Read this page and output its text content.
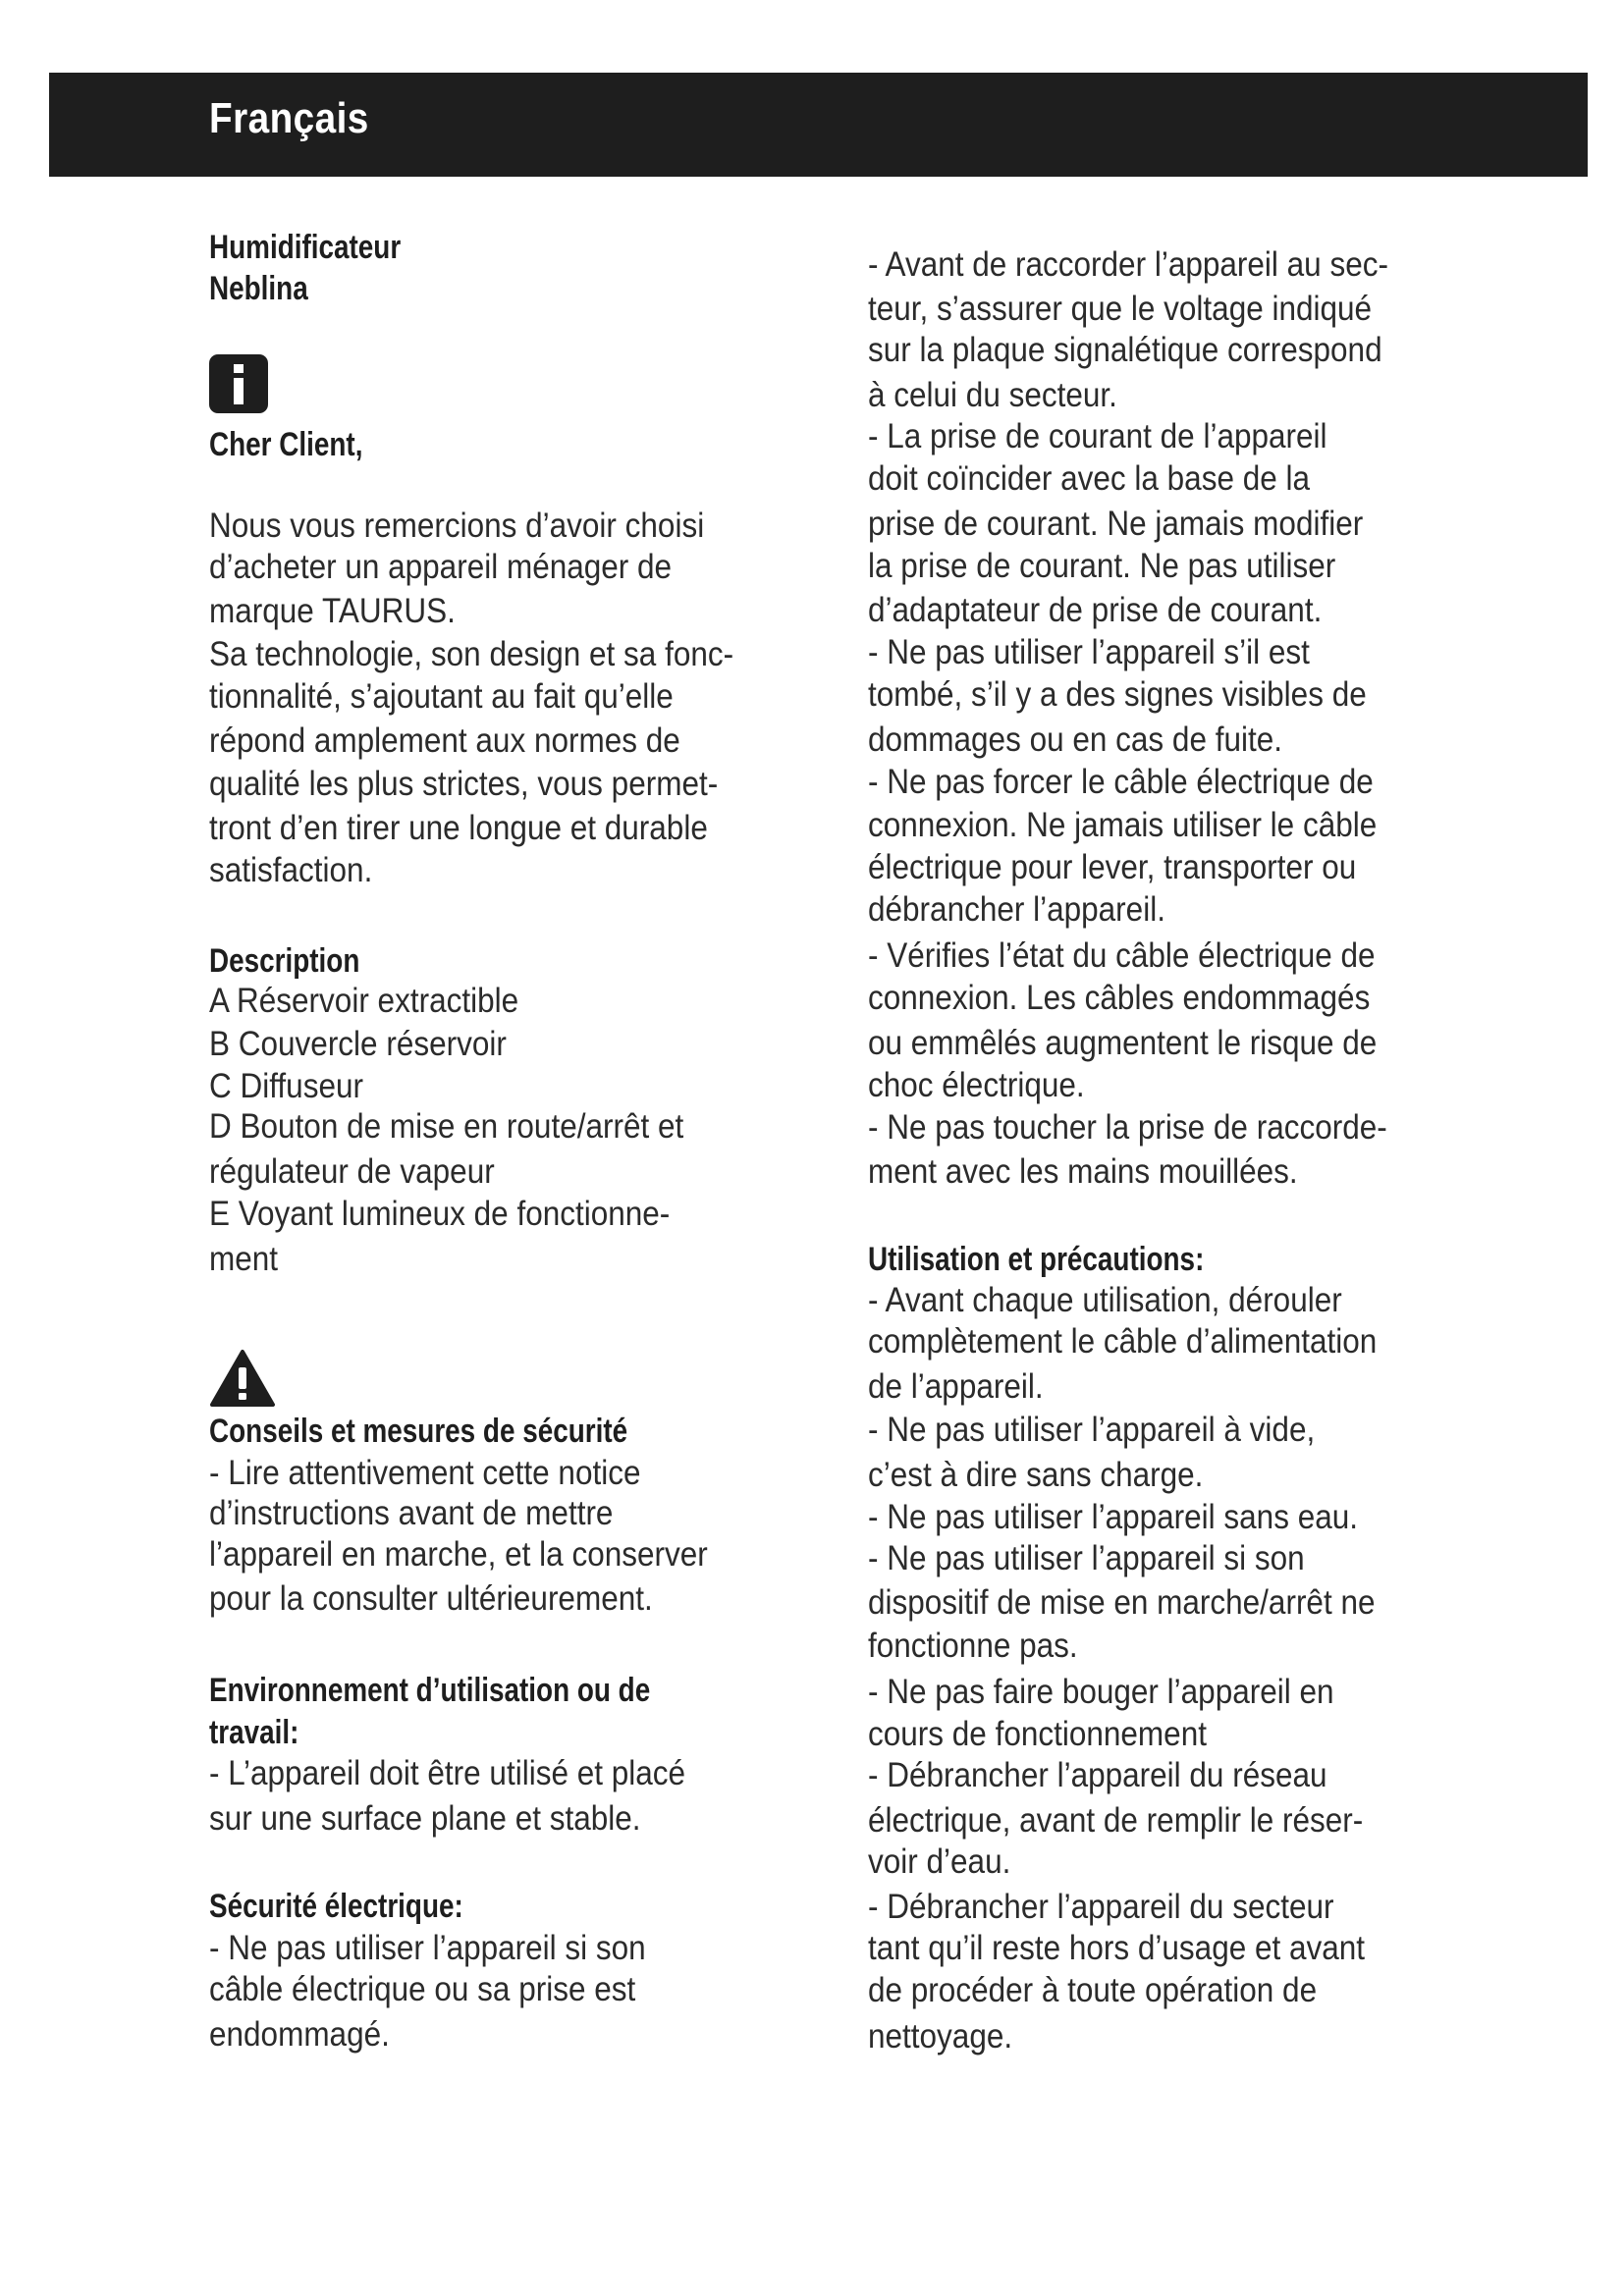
Français

Humidificateur

Neblina

Cher Client,

Nous vous remercions d’avoir choisi

d’acheter un appareil ménager de

marque TAURUS.

Sa technologie, son design et sa fonc-

tionnalité, s’ajoutant au fait qu’elle

répond amplement aux normes de

qualité les plus strictes, vous permet-

tront d’en tirer une longue et durable

satisfaction.

Description

A Réservoir extractible

B Couvercle réservoir

C Diffuseur

D Bouton de mise en route/arrêt et

régulateur de vapeur

E Voyant lumineux de fonctionne-

ment

Conseils et mesures de sécurité

- Lire attentivement cette notice

d’instructions avant de mettre

l’appareil en marche, et la conserver

pour la consulter ultérieurement.

Environnement d’utilisation ou de

travail:

- L’appareil doit être utilisé et placé

sur une surface plane et stable.

Sécurité électrique:

- Ne pas utiliser l’appareil si son

câble électrique ou sa prise est

endommagé.

- Avant de raccorder l’appareil au sec-

teur, s’assurer que le voltage indiqué

sur la plaque signalétique correspond

à celui du secteur.

- La prise de courant de l’appareil

doit coïncider avec la base de la

prise de courant. Ne jamais modifier

la prise de courant. Ne pas utiliser

d’adaptateur de prise de courant.

- Ne pas utiliser l’appareil s’il est

tombé, s’il y a des signes visibles de

dommages ou en cas de fuite.

- Ne pas forcer le câble électrique de

connexion. Ne jamais utiliser le câble

électrique pour lever, transporter ou

débrancher l’appareil.

- Vérifies l’état du câble électrique de

connexion. Les câbles endommagés

ou emmêlés augmentent le risque de

choc électrique.

- Ne pas toucher la prise de raccorde-

ment avec les mains mouillées.

Utilisation et précautions:

- Avant chaque utilisation, dérouler

complètement le câble d’alimentation

de l’appareil.

- Ne pas utiliser l’appareil à vide,

c’est à dire sans charge.

- Ne pas utiliser l’appareil sans eau.

- Ne pas utiliser l’appareil si son

dispositif de mise en marche/arrêt ne

fonctionne pas.

- Ne pas faire bouger l’appareil en

cours de fonctionnement

- Débrancher l’appareil du réseau

électrique, avant de remplir le réser-

voir d’eau.

- Débrancher l’appareil du secteur

tant qu’il reste hors d’usage et avant

de procéder à toute opération de

nettoyage.
